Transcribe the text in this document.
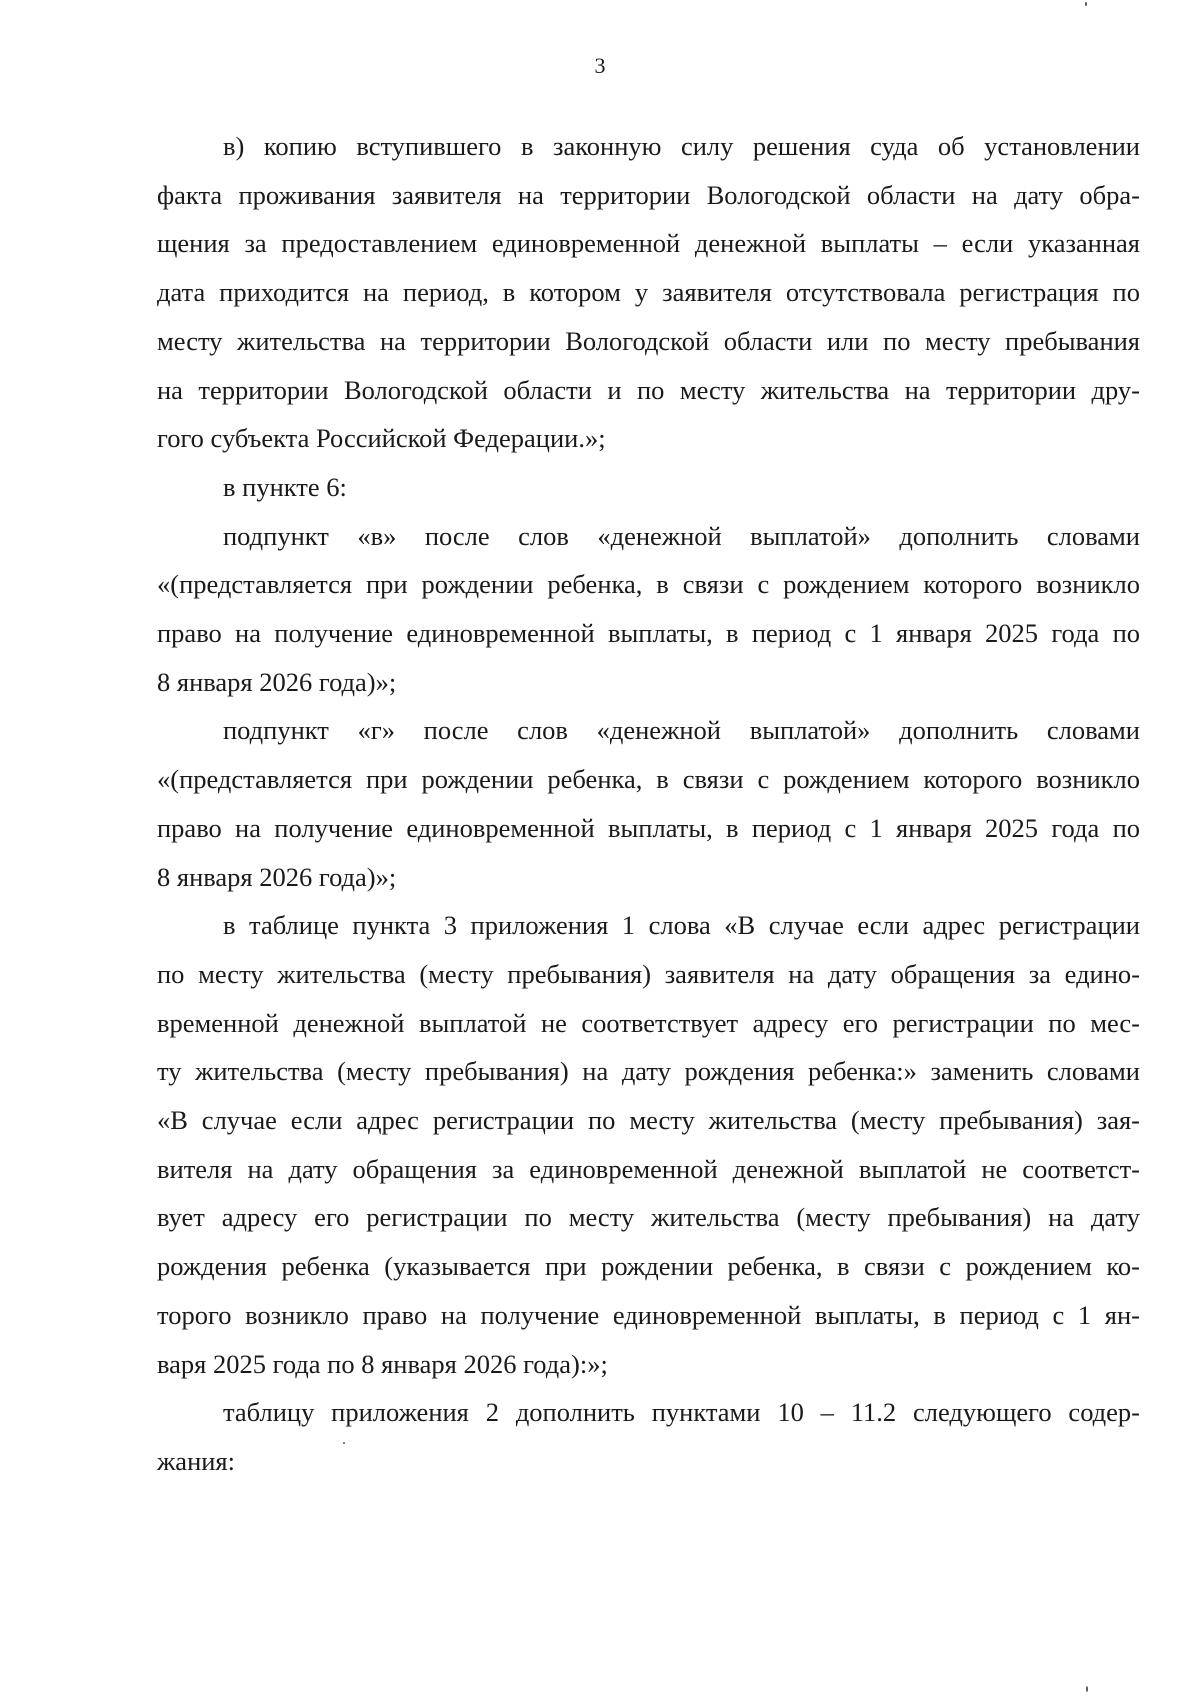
3
в) копию вступившего в законную силу решения суда об установлении
факта проживания заявителя на территории Вологодской области на дату обра-
щения за предоставлением единовременной денежной выплаты – если указанная
дата приходится на период, в котором у заявителя отсутствовала регистрация по
месту жительства на территории Вологодской области или по месту пребывания
на территории Вологодской области и по месту жительства на территории дру-
гого субъекта Российской Федерации.»;
в пункте 6:
подпункт «в» после слов «денежной выплатой» дополнить словами
«(представляется при рождении ребенка, в связи с рождением которого возникло
право на получение единовременной выплаты, в период с 1 января 2025 года по
8 января 2026 года)»;
подпункт «г» после слов «денежной выплатой» дополнить словами
«(представляется при рождении ребенка, в связи с рождением которого возникло
право на получение единовременной выплаты, в период с 1 января 2025 года по
8 января 2026 года)»;
в таблице пункта 3 приложения 1 слова «В случае если адрес регистрации
по месту жительства (месту пребывания) заявителя на дату обращения за едино-
временной денежной выплатой не соответствует адресу его регистрации по мес-
ту жительства (месту пребывания) на дату рождения ребенка:» заменить словами
«В случае если адрес регистрации по месту жительства (месту пребывания) зая-
вителя на дату обращения за единовременной денежной выплатой не соответст-
вует адресу его регистрации по месту жительства (месту пребывания) на дату
рождения ребенка (указывается при рождении ребенка, в связи с рождением ко-
торого возникло право на получение единовременной выплаты, в период с 1 ян-
варя 2025 года по 8 января 2026 года):»;
таблицу приложения 2 дополнить пунктами 10 – 11.2 следующего содер-
жания:
